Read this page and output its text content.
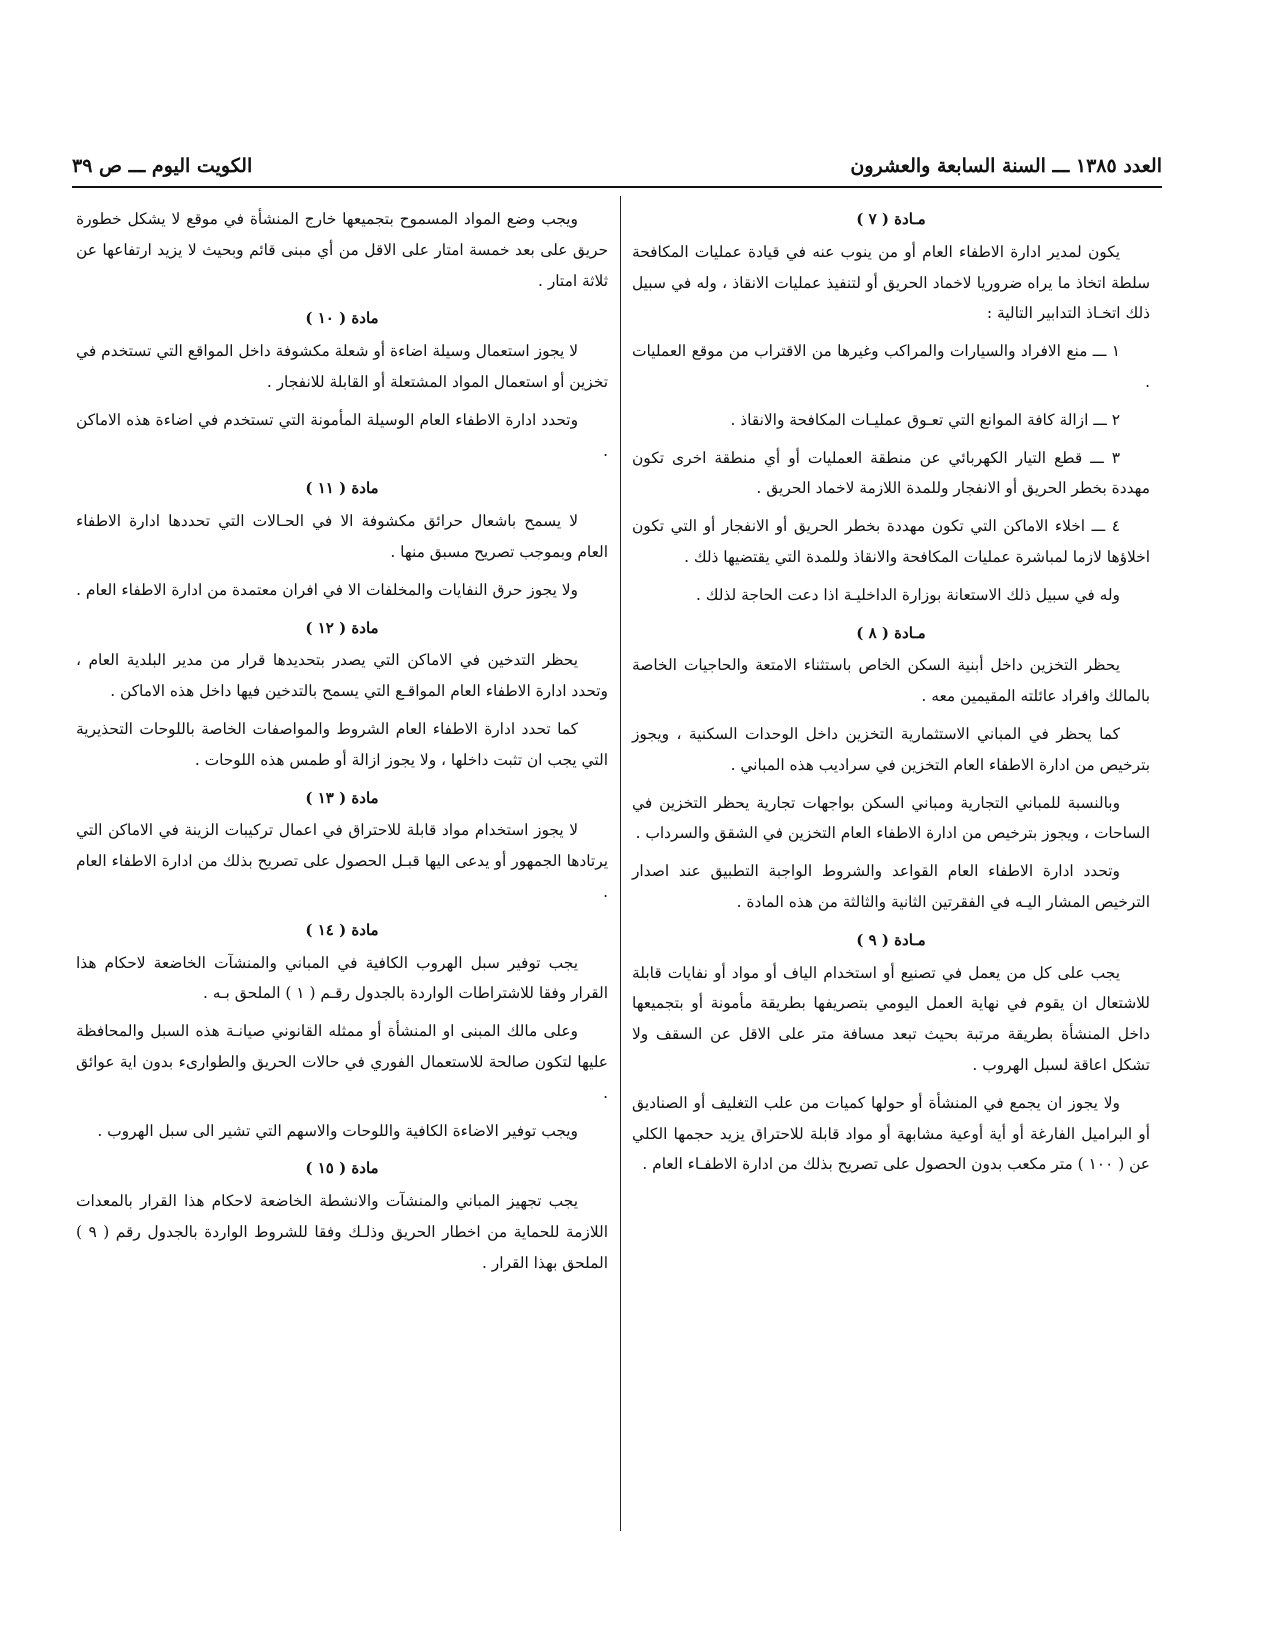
العدد ١٣٨٥ ـــ السنة السابعة والعشرون
الكويت اليوم ـــ ص ٣٩
مـادة ( ٧ )

يكون لمدير ادارة الاطفاء العام أو من ينوب عنه في قيادة عمليات المكافحة سلطة اتخاذ ما يراه ضروريا لاخماد الحريق أو لتنفيذ عمليات الانقاذ ، وله في سبيل ذلك اتخـاذ التدابير التالية :

١ ـــ منع الافراد والسيارات والمراكب وغيرها من الاقتراب من موقع العمليات .

٢ ـــ ازالة كافة الموانع التي تعـوق عمليـات المكافحة والانقاذ .

٣ ـــ قطع التيار الكهربائي عن منطقة العمليات أو أي منطقة اخرى تكون مهددة بخطر الحريق أو الانفجار وللمدة اللازمة لاخماد الحريق .

٤ ـــ اخلاء الاماكن التي تكون مهددة بخطر الحريق أو الانفجار أو التي تكون اخلاؤها لازما لمباشرة عمليات المكافحة والانقاذ وللمدة التي يقتضيها ذلك .

وله في سبيل ذلك الاستعانة بوزارة الداخليـة اذا دعت الحاجة لذلك .

مـادة ( ٨ )

يحظر التخزين داخل أبنية السكن الخاص باستثناء الامتعة والحاجيات الخاصة بالمالك وافراد عائلته المقيمين معه .

كما يحظر في المباني الاستثمارية التخزين داخل الوحدات السكنية ، ويجوز بترخيص من ادارة الاطفاء العام التخزين في سراديب هذه المباني .

وبالنسبة للمباني التجارية ومباني السكن بواجهات تجارية يحظر التخزين في الساحات ، ويجوز بترخيص من ادارة الاطفاء العام التخزين في الشقق والسرداب .

وتحدد ادارة الاطفاء العام القواعد والشروط الواجبة التطبيق عند اصدار الترخيص المشار اليـه في الفقرتين الثانية والثالثة من هذه المادة .

مـادة ( ٩ )

يجب على كل من يعمل في تصنيع أو استخدام الياف أو مواد أو نفايات قابلة للاشتعال ان يقوم في نهاية العمل اليومي بتصريفها بطريقة مأمونة أو بتجميعها داخل المنشأة بطريقة مرتبة بحيث تبعد مسافة متر على الاقل عن السقف ولا تشكل اعاقة لسبل الهروب .

ولا يجوز ان يجمع في المنشأة أو حولها كميات من علب التغليف أو الصناديق أو البراميل الفارغة أو أية أوعية مشابهة أو مواد قابلة للاحتراق يزيد حجمها الكلي عن ( ١٠٠ ) متر مكعب بدون الحصول على تصريح بذلك من ادارة الاطفـاء العام .

ويجب وضع المواد المسموح بتجميعها خارج المنشأة في موقع لا يشكل خطورة حريق على بعد خمسة امتار على الاقل من أي مبنى قائم وبحيث لا يزيد ارتفاعها عن ثلاثة امتار .

مادة ( ١٠ )

لا يجوز استعمال وسيلة اضاءة أو شعلة مكشوفة داخل المواقع التي تستخدم في تخزين أو استعمال المواد المشتعلة أو القابلة للانفجار .

وتحدد ادارة الاطفاء العام الوسيلة المأمونة التي تستخدم في اضاءة هذه الاماكن .

مادة ( ١١ )

لا يسمح باشعال حرائق مكشوفة الا في الحـالات التي تحددها ادارة الاطفاء العام وبموجب تصريح مسبق منها .

ولا يجوز حرق النفايات والمخلفات الا في افران معتمدة من ادارة الاطفاء العام .

مادة ( ١٢ )

يحظر التدخين في الاماكن التي يصدر بتحديدها قرار من مدير البلدية العام ، وتحدد ادارة الاطفاء العام المواقـع التي يسمح بالتدخين فيها داخل هذه الاماكن .

كما تحدد ادارة الاطفاء العام الشروط والمواصفات الخاصة باللوحات التحذيرية التي يجب ان تثبت داخلها ، ولا يجوز ازالة أو طمس هذه اللوحات .

مادة ( ١٣ )

لا يجوز استخدام مواد قابلة للاحتراق في اعمال تركيبات الزينة في الاماكن التي يرتادها الجمهور أو يدعى اليها قبـل الحصول على تصريح بذلك من ادارة الاطفاء العام .

مادة ( ١٤ )

يجب توفير سبل الهروب الكافية في المباني والمنشآت الخاضعة لاحكام هذا القرار وفقا للاشتراطات الواردة بالجدول رقـم ( ١ ) الملحق بـه .

وعلى مالك المبنى او المنشأة أو ممثله القانوني صيانـة هذه السبل والمحافظة عليها لتكون صالحة للاستعمال الفوري في حالات الحريق والطوارىء بدون اية عوائق .

ويجب توفير الاضاءة الكافية واللوحات والاسهم التي تشير الى سبل الهروب .

مادة ( ١٥ )

يجب تجهيز المباني والمنشآت والانشطة الخاضعة لاحكام هذا القرار بالمعدات اللازمة للحماية من اخطار الحريق وذلـك وفقا للشروط الواردة بالجدول رقم ( ٩ ) الملحق بهذا القرار .
